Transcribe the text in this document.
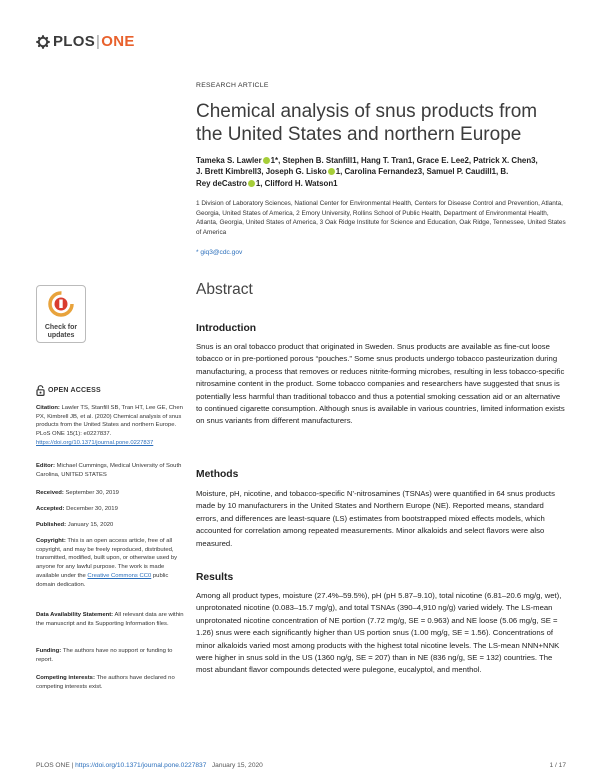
PLOS|ONE
RESEARCH ARTICLE
Chemical analysis of snus products from the United States and northern Europe
Tameka S. Lawler 1*, Stephen B. Stanfill1, Hang T. Tran1, Grace E. Lee2, Patrick X. Chen3,
J. Brett Kimbrell3, Joseph G. Lisko 1, Carolina Fernandez3, Samuel P. Caudill1, B.
Rey deCastro 1, Clifford H. Watson1
1 Division of Laboratory Sciences, National Center for Environmental Health, Centers for Disease Control and Prevention, Atlanta, Georgia, United States of America, 2 Emory University, Rollins School of Public Health, Department of Environmental Health, Atlanta, Georgia, United States of America, 3 Oak Ridge Institute for Science and Education, Oak Ridge, Tennessee, United States of America
* giq3@cdc.gov
Abstract
Introduction
Snus is an oral tobacco product that originated in Sweden. Snus products are available as fine-cut loose tobacco or in pre-portioned porous “pouches.” Some snus products undergo tobacco pasteurization during manufacturing, a process that removes or reduces nitrite-forming microbes, resulting in less tobacco-specific nitrosamine content in the product. Some tobacco companies and researchers have suggested that snus is potentially less harmful than traditional tobacco and thus a potential smoking cessation aid or an alternative to continued cigarette consumption. Although snus is available in various countries, limited information exists on snus variants from different manufacturers.
Methods
Moisture, pH, nicotine, and tobacco-specific N’-nitrosamines (TSNAs) were quantified in 64 snus products made by 10 manufacturers in the United States and Northern Europe (NE). Reported means, standard errors, and differences are least-square (LS) estimates from bootstrapped mixed effects models, which accounted for correlation among repeated measurements. Minor alkaloids and select flavors were also measured.
Results
Among all product types, moisture (27.4%–59.5%), pH (pH 5.87–9.10), total nicotine (6.81–20.6 mg/g, wet), unprotonated nicotine (0.083–15.7 mg/g), and total TSNAs (390–4,910 ng/g) varied widely. The LS-mean unprotonated nicotine concentration of NE portion (7.72 mg/g, SE = 0.963) and NE loose (5.06 mg/g, SE = 1.26) snus were each significantly higher than US portion snus (1.00 mg/g, SE = 1.56). Concentrations of minor alkaloids varied most among products with the highest total nicotine levels. The LS-mean NNN+NNK were higher in snus sold in the US (1360 ng/g, SE = 207) than in NE (836 ng/g, SE = 132) countries. The most abundant flavor compounds detected were pulegone, eucalyptol, and menthol.
Check for
updates
OPEN ACCESS
Citation: Lawler TS, Stanfill SB, Tran HT, Lee GE, Chen PX, Kimbrell JB, et al. (2020) Chemical analysis of snus products from the United States and northern Europe. PLoS ONE 15(1): e0227837. https://doi.org/10.1371/journal.pone.0227837
Editor: Michael Cummings, Medical University of South Carolina, UNITED STATES
Received: September 30, 2019
Accepted: December 30, 2019
Published: January 15, 2020
Copyright: This is an open access article, free of all copyright, and may be freely reproduced, distributed, transmitted, modified, built upon, or otherwise used by anyone for any lawful purpose. The work is made available under the Creative Commons CC0 public domain dedication.
Data Availability Statement: All relevant data are within the manuscript and its Supporting Information files.
Funding: The authors have no support or funding to report.
Competing interests: The authors have declared no competing interests exist.
PLOS ONE | https://doi.org/10.1371/journal.pone.0227837 January 15, 2020	1 / 17
